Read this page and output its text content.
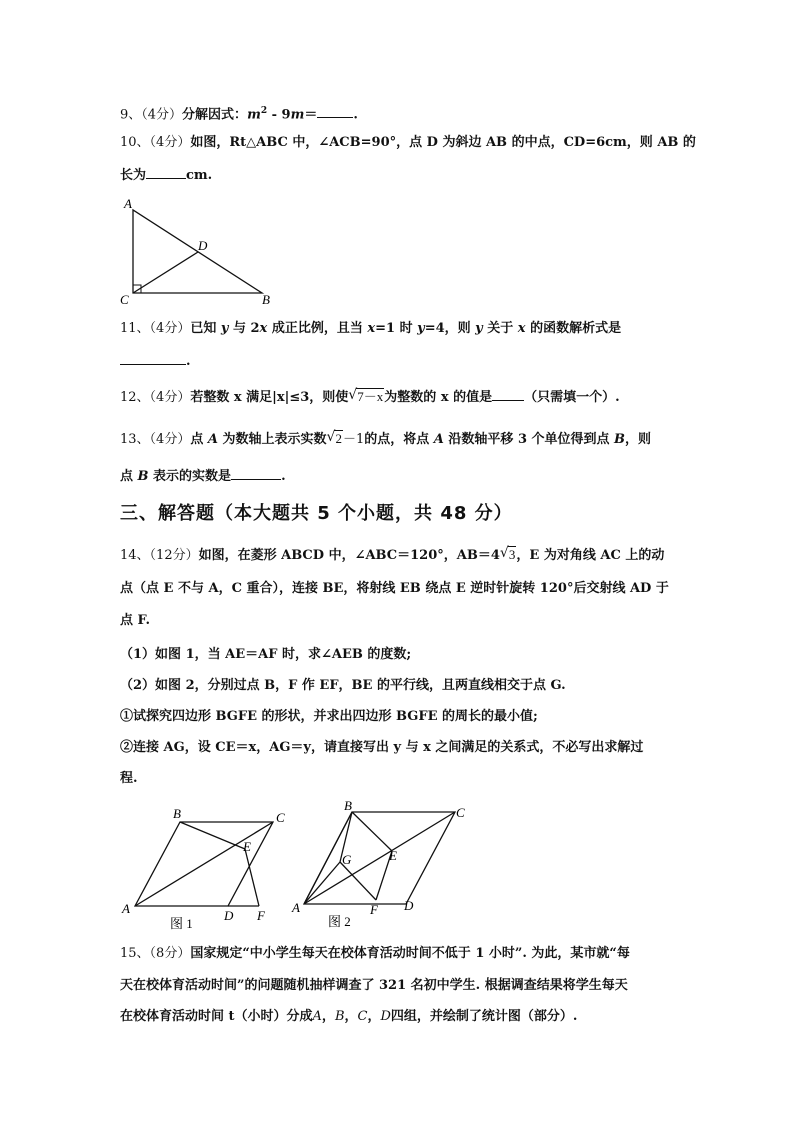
9、（4分）分解因式：$m^2 - 9m=$	.
10、（4分）如图，Rt△ABC 中，∠ACB=90°，点 D 为斜边 AB 的中点，CD=6cm，则 AB 的
长为	cm.
A
D
C	B
11、（4分）已知 y 与 2x 成正比例，且当 x=1 时 y=4，则 y 关于 x 的函数解析式是
.
12、（4分）若整数 x 满足|x|≤3，则使 √ 7－x为整数的 x 的值是 （只需填一个）.
13、（4分）点 A 为数轴上表示实数 √ 2－1的点，将点 A 沿数轴平移 3 个单位得到点 B，则
点 B 表示的实数是	.
三、解答题（本大题共 5 个小题，共 48 分）
14、（12分）如图，在菱形 ABCD 中，∠ABC＝120°，AB＝4 √ 3，E 为对角线 AC 上的动
点（点 E 不与 A，C 重合），连接 BE，将射线 EB 绕点 E 逆时针旋转 120°后交射线 AD 于
点 F.
（1）如图 1，当 AE＝AF 时，求∠AEB 的度数;
（2）如图 2，分别过点 B，F 作 EF，BE 的平行线，且两直线相交于点 G.
①试探究四边形 BGFE 的形状，并求出四边形 BGFE 的周长的最小值;
②连接 AG，设 CE＝x，AG＝y，请直接写出 y 与 x 之间满足的关系式，不必写出求解过
程.
A
B	C
E
D F
图 1
A
B	C
G	E
F D
图 2
15、（8分）国家规定“中小学生每天在校体育活动时间不低于 1 小时”. 为此，某市就“每
天在校体育活动时间”的问题随机抽样调查了 321 名初中学生. 根据调查结果将学生每天
在校体育活动时间 t（小时）分成A，B，C，D四组，并绘制了统计图（部分）.
